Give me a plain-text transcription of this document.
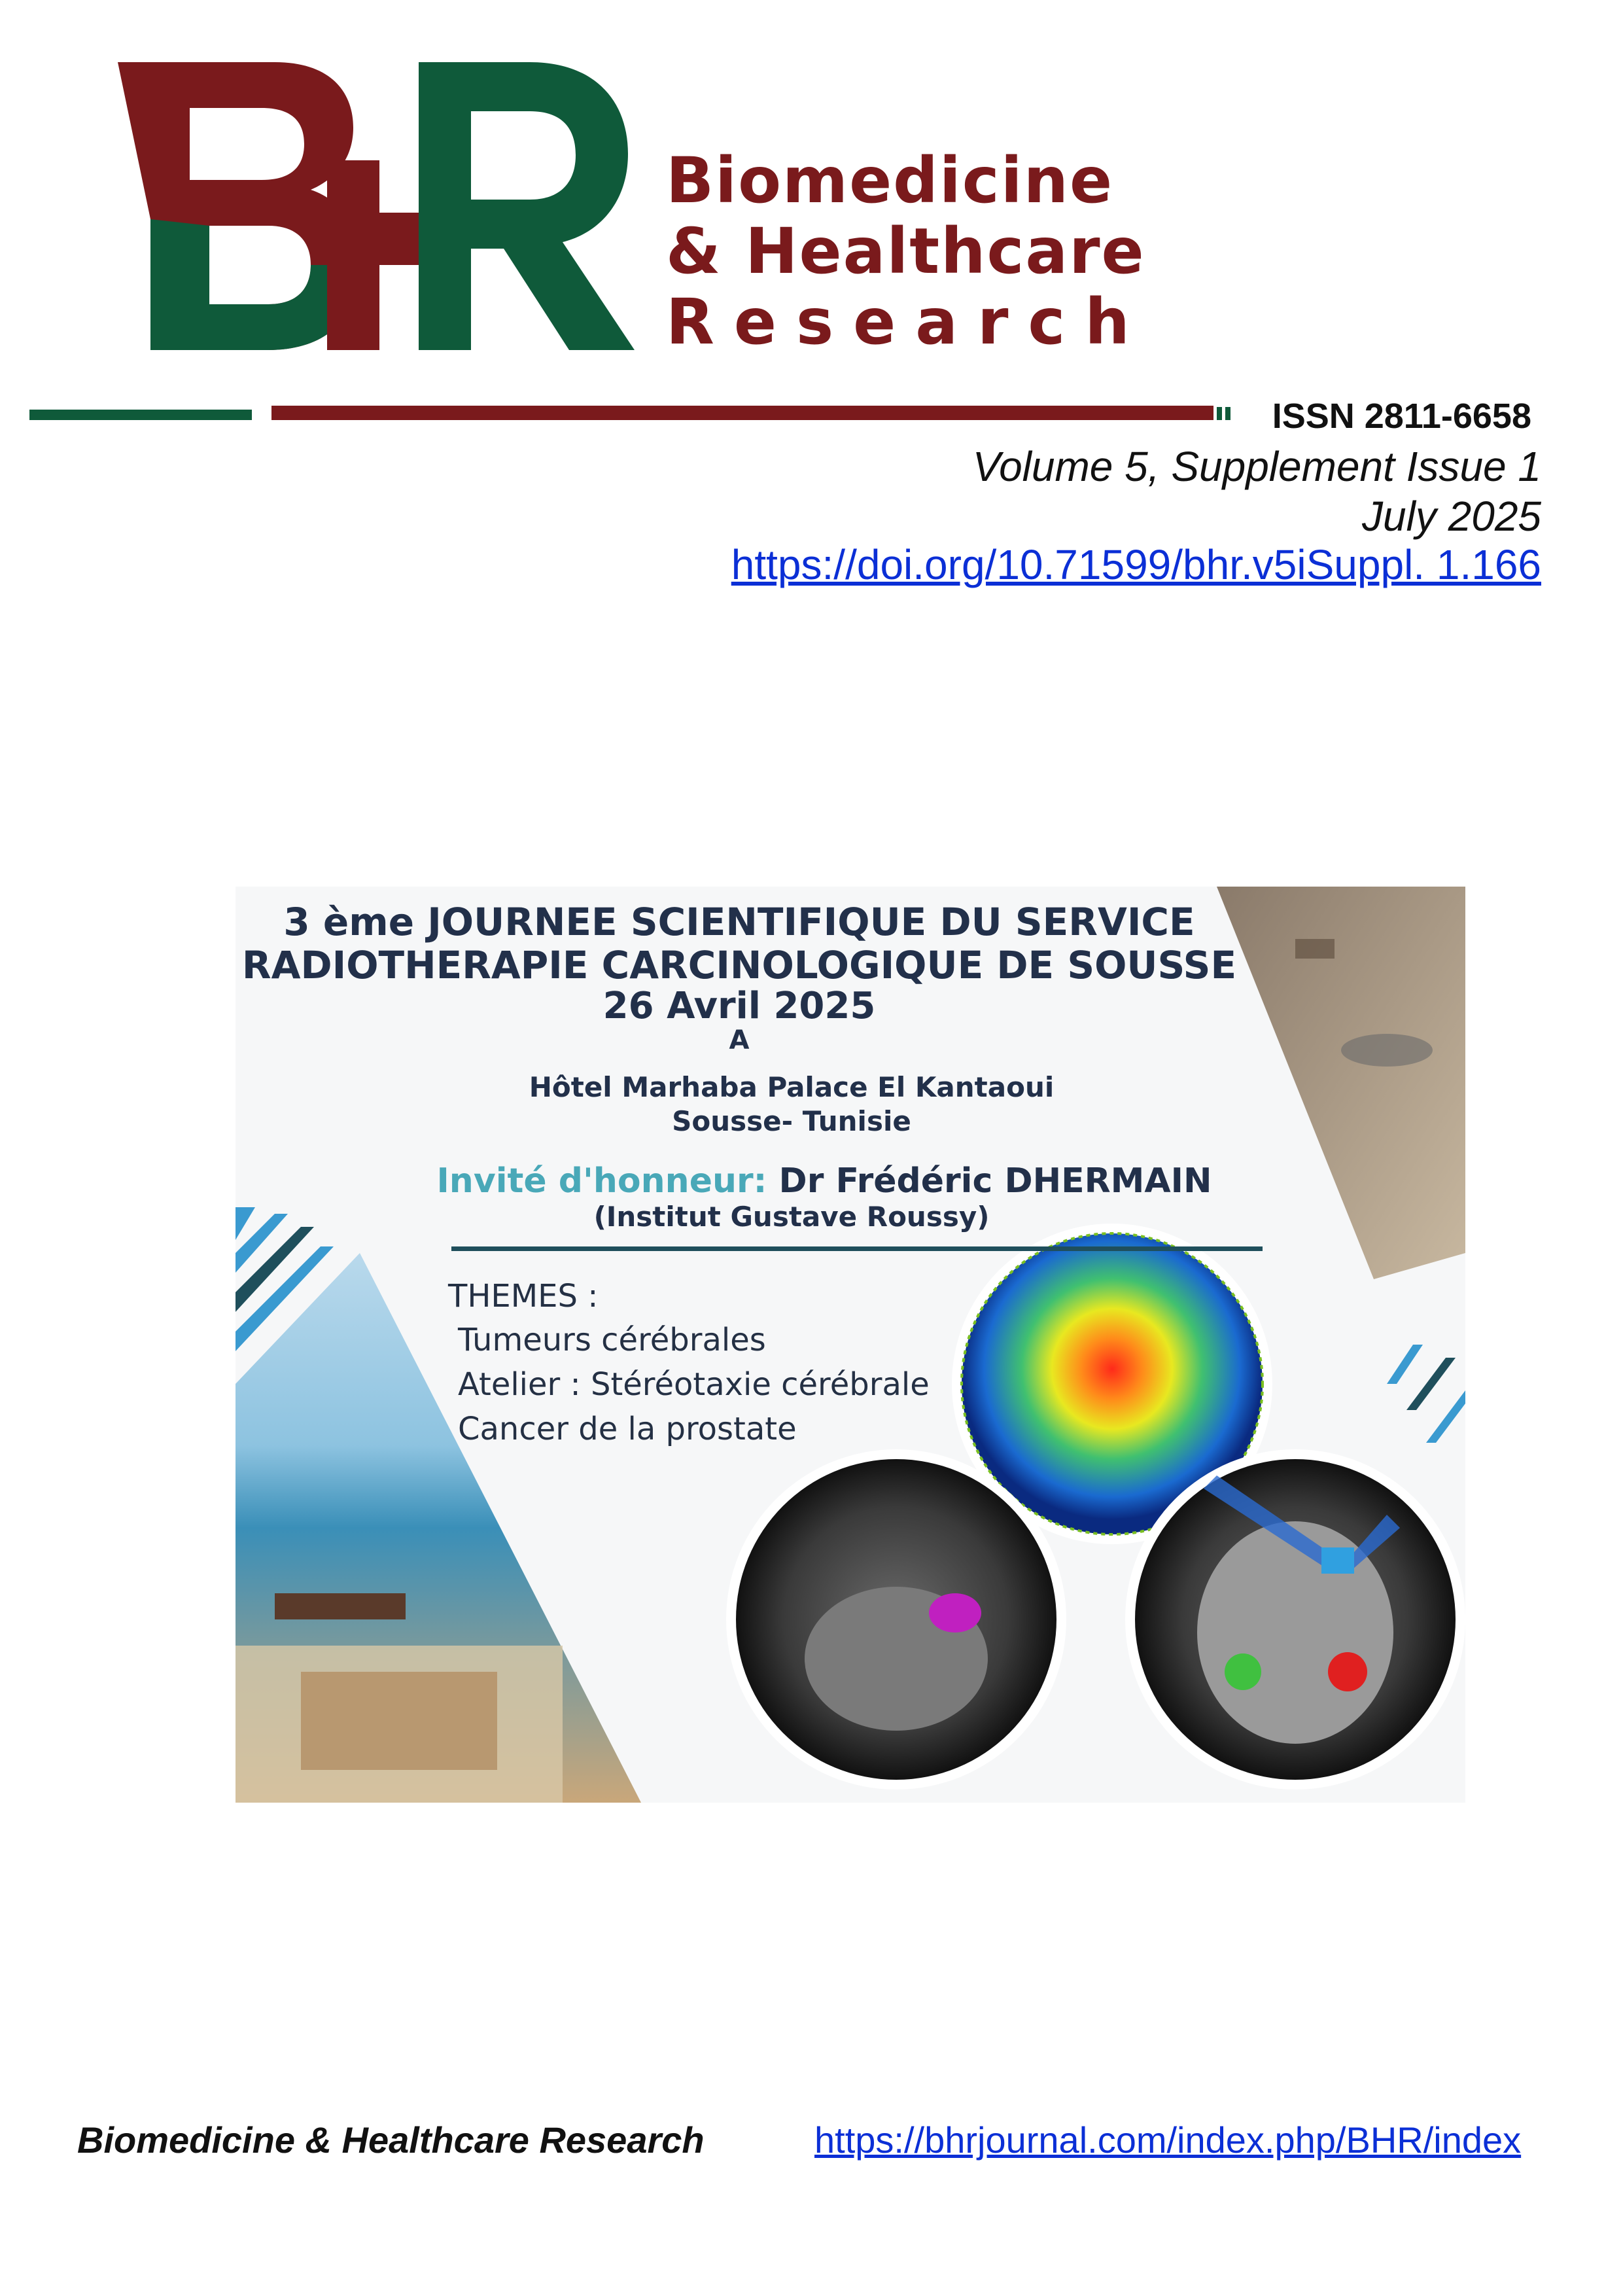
Biomedicine
& Healthcare
Research
ISSN 2811-6658
Volume 5, Supplement Issue 1
July 2025
https://doi.org/10.71599/bhr.v5iSuppl. 1.166
3 ème JOURNEE SCIENTIFIQUE DU SERVICE
RADIOTHERAPIE CARCINOLOGIQUE DE SOUSSE
26 Avril 2025
A
Hôtel Marhaba Palace El Kantaoui
Sousse- Tunisie
Invité d'honneur: Dr Frédéric DHERMAIN
(Institut Gustave Roussy)
THEMES :
Tumeurs cérébrales
Atelier : Stéréotaxie cérébrale
Cancer de la prostate
Biomedicine & Healthcare Research	https://bhrjournal.com/index.php/BHR/index
